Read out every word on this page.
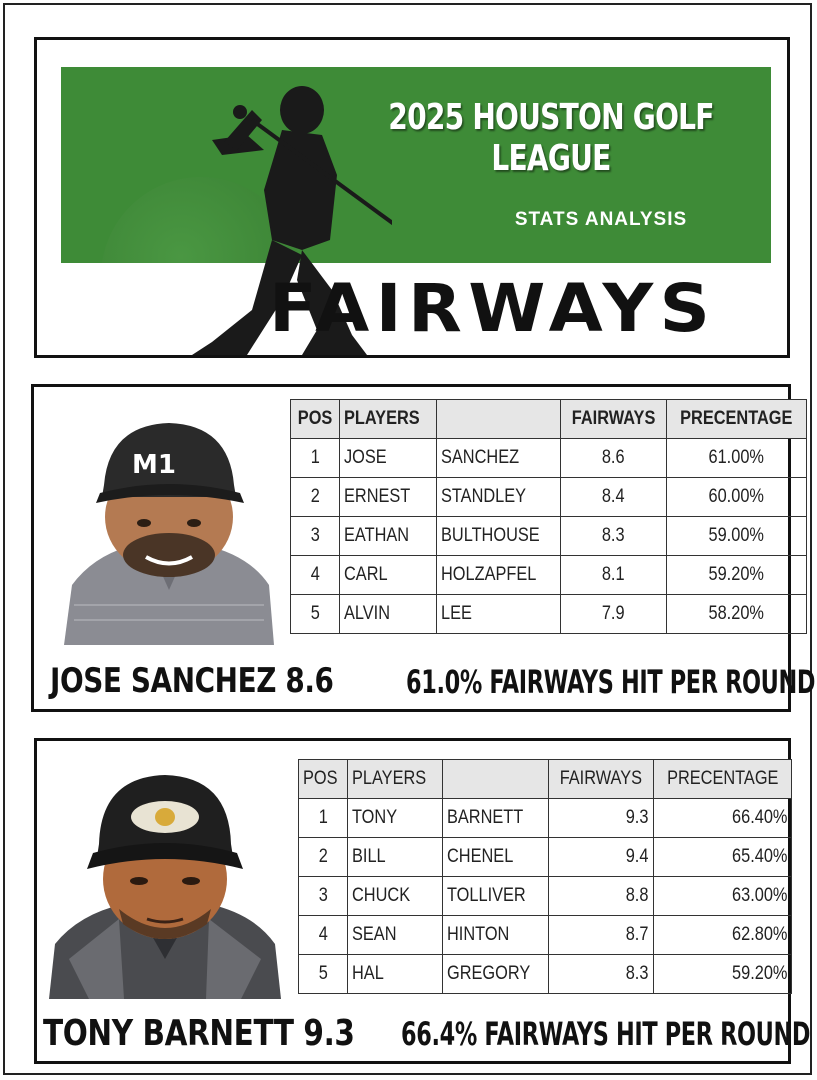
2025 HOUSTON GOLF LEAGUE
STATS ANALYSIS
FAIRWAYS
M1
POS	PLAYERS		FAIRWAYS	PRECENTAGE
1	JOSE	SANCHEZ	8.6	61.00%
2	ERNEST	STANDLEY	8.4	60.00%
3	EATHAN	BULTHOUSE	8.3	59.00%
4	CARL	HOLZAPFEL	8.1	59.20%
5	ALVIN	LEE	7.9	58.20%
JOSE SANCHEZ 8.6 61.0% FAIRWAYS HIT PER ROUND
POS	PLAYERS		FAIRWAYS	PRECENTAGE
1	TONY	BARNETT	9.3	66.40%
2	BILL	CHENEL	9.4	65.40%
3	CHUCK	TOLLIVER	8.8	63.00%
4	SEAN	HINTON	8.7	62.80%
5	HAL	GREGORY	8.3	59.20%
TONY BARNETT 9.3 66.4% FAIRWAYS HIT PER ROUND
